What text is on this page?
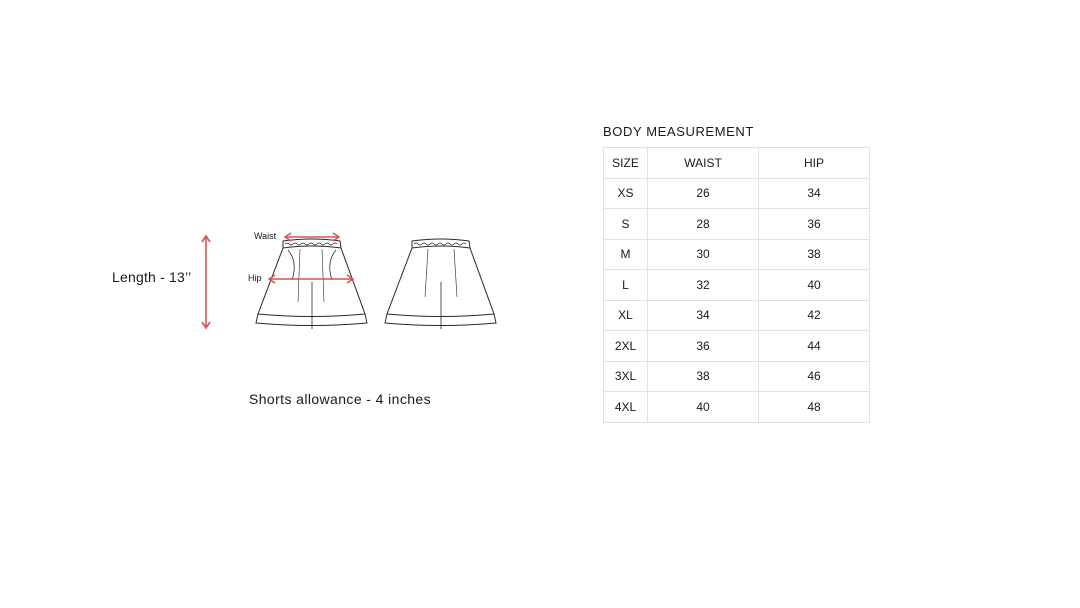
Length - 13’’
Waist
Hip
Shorts allowance - 4 inches
BODY MEASUREMENT
SIZE	WAIST	HIP
XS	26	34
S	28	36
M	30	38
L	32	40
XL	34	42
2XL	36	44
3XL	38	46
4XL	40	48
